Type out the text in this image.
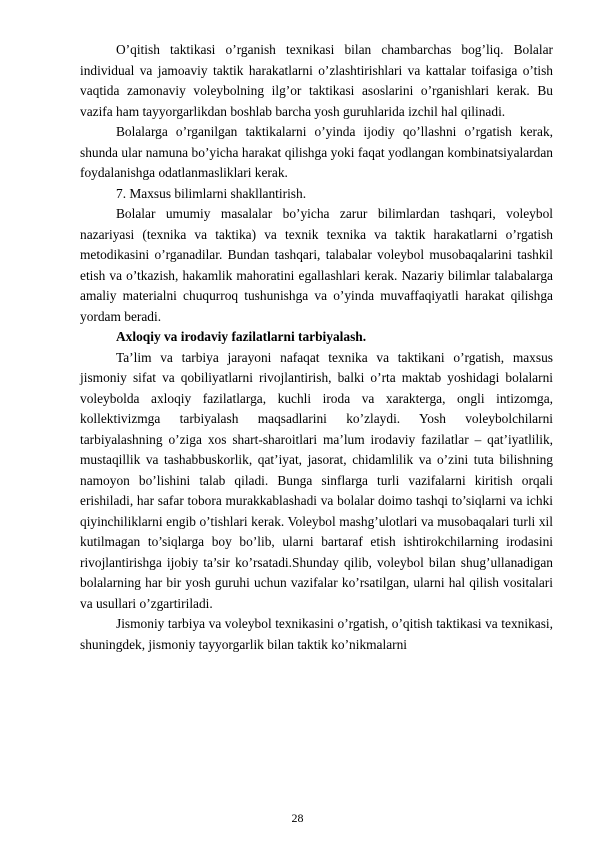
O’qitish taktikasi o’rganish texnikasi bilan chambarchas bog’liq. Bolalar individual va jamoaviy taktik harakatlarni o’zlashtirishlari va kattalar toifasiga o’tish vaqtida zamonaviy voleybolning ilg’or taktikasi asoslarini o’rganishlari kerak. Bu vazifa ham tayyorgarlikdan boshlab barcha yosh guruhlarida izchil hal qilinadi.

Bolalarga o’rganilgan taktikalarni o’yinda ijodiy qo’llashni o’rgatish kerak, shunda ular namuna bo’yicha harakat qilishga yoki faqat yodlangan kombinatsiyalardan foydalanishga odatlanmasliklari kerak.

7. Maxsus bilimlarni shakllantirish.

Bolalar umumiy masalalar bo’yicha zarur bilimlardan tashqari, voleybol nazariyasi (texnika va taktika) va texnik texnika va taktik harakatlarni o’rgatish metodikasini o’rganadilar. Bundan tashqari, talabalar voleybol musobaqalarini tashkil etish va o’tkazish, hakamlik mahoratini egallashlari kerak. Nazariy bilimlar talabalarga amaliy materialni chuqurroq tushunishga va o’yinda muvaffaqiyatli harakat qilishga yordam beradi.

Axloqiy va irodaviy fazilatlarni tarbiyalash.

Ta’lim va tarbiya jarayoni nafaqat texnika va taktikani o’rgatish, maxsus jismoniy sifat va qobiliyatlarni rivojlantirish, balki o’rta maktab yoshidagi bolalarni voleybolda axloqiy fazilatlarga, kuchli iroda va xarakterga, ongli intizomga, kollektivizmga tarbiyalash maqsadlarini ko’zlaydi. Yosh voleybolchilarni tarbiyalashning o’ziga xos shart-sharoitlari ma’lum irodaviy fazilatlar – qat’iyatlilik, mustaqillik va tashabbuskorlik, qat’iyat, jasorat, chidamlilik va o’zini tuta bilishning namoyon bo’lishini talab qiladi. Bunga sinflarga turli vazifalarni kiritish orqali erishiladi, har safar tobora murakkablashadi va bolalar doimo tashqi to’siqlarni va ichki qiyinchiliklarni engib o’tishlari kerak. Voleybol mashg’ulotlari va musobaqalari turli xil kutilmagan to’siqlarga boy bo’lib, ularni bartaraf etish ishtirokchilarning irodasini rivojlantirishga ijobiy ta’sir ko’rsatadi.Shunday qilib, voleybol bilan shug’ullanadigan bolalarning har bir yosh guruhi uchun vazifalar ko’rsatilgan, ularni hal qilish vositalari va usullari o’zgartiriladi.

Jismoniy tarbiya va voleybol texnikasini o’rgatish, o’qitish taktikasi va texnikasi, shuningdek, jismoniy tayyorgarlik bilan taktik ko’nikmalarni

28
